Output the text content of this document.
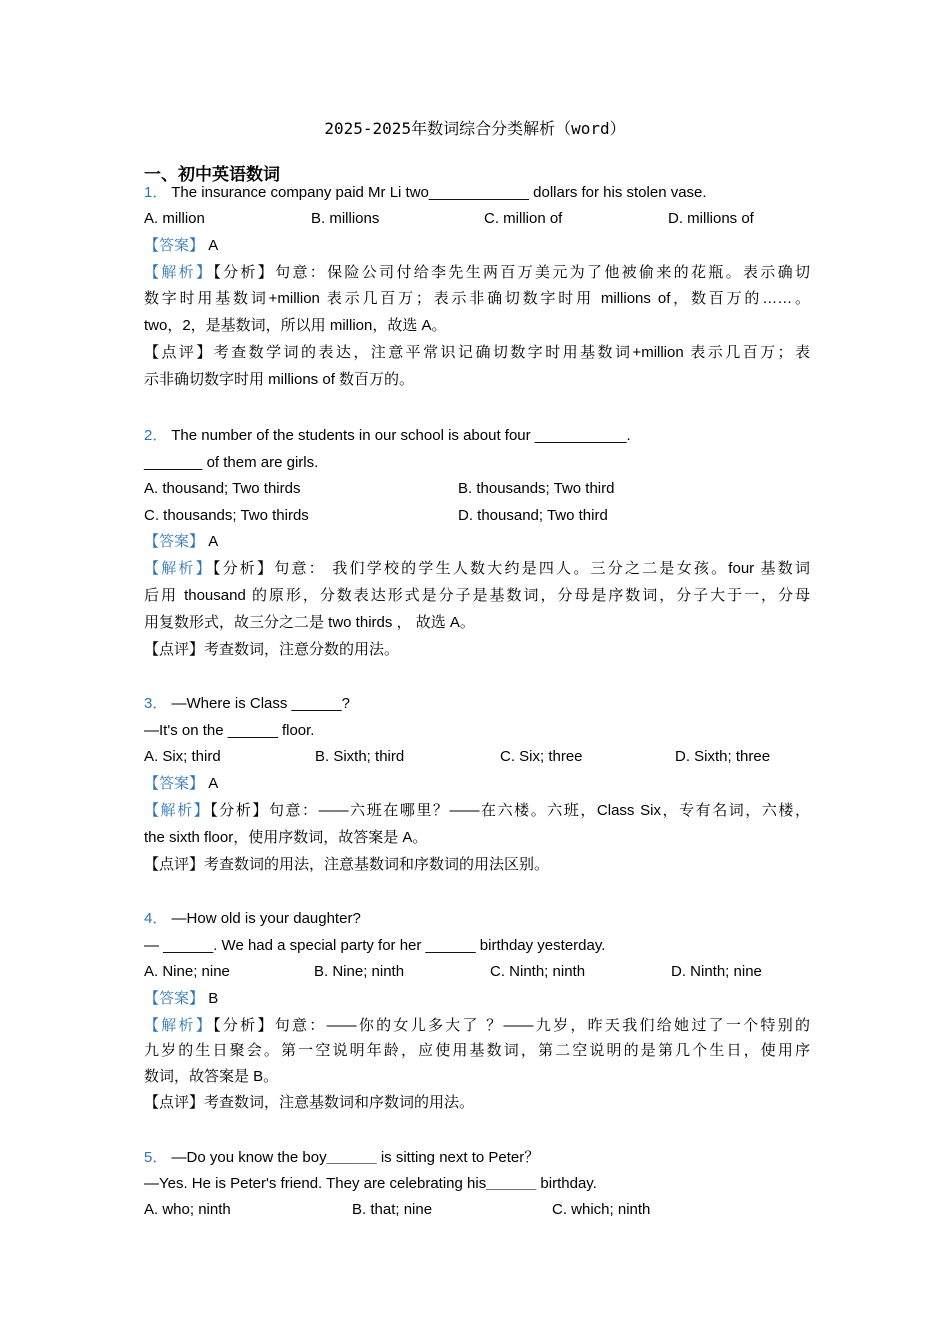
2025-2025年数词综合分类解析（word）
一、初中英语数词
1． The insurance company paid Mr Li two____________ dollars for his stolen vase.
A. million	B. millions	C. million of	D. millions of
【答案】 A
【解析】【分析】句意：保险公司付给李先生两百万美元为了他被偷来的花瓶。表示确切
数字时用基数词+million 表示几百万；表示非确切数字时用 millions of，数百万的……。
two，2，是基数词，所以用 million，故选 A。
【点评】考查数学词的表达，注意平常识记确切数字时用基数词+million 表示几百万；表
示非确切数字时用 millions of 数百万的。
2． The number of the students in our school is about four ___________.
_______ of them are girls.
A. thousand; Two thirds	B. thousands; Two third
C. thousands; Two thirds	D. thousand; Two third
【答案】 A
【解析】【分析】句意： 我们学校的学生人数大约是四人。三分之二是女孩。four 基数词
后用 thousand 的原形，分数表达形式是分子是基数词，分母是序数词，分子大于一，分母
用复数形式，故三分之二是 two thirds ， 故选 A。
【点评】考查数词，注意分数的用法。
3． —Where is Class ______?
—It's on the ______ floor.
A. Six; third	B. Sixth; third	C. Six; three	D. Sixth; three
【答案】 A
【解析】【分析】句意：——六班在哪里？——在六楼。六班，Class Six，专有名词，六楼，
the sixth floor，使用序数词，故答案是 A。
【点评】考查数词的用法，注意基数词和序数词的用法区别。
4． —How old is your daughter?
— ______. We had a special party for her ______ birthday yesterday.
A. Nine; nine	B. Nine; ninth	C. Ninth; ninth	D. Ninth; nine
【答案】 B
【解析】【分析】句意：——你的女儿多大了 ？——九岁，昨天我们给她过了一个特别的
九岁的生日聚会。第一空说明年龄，应使用基数词，第二空说明的是第几个生日，使用序
数词，故答案是 B。
【点评】考查数词，注意基数词和序数词的用法。
5． —Do you know the boy______ is sitting next to Peter？
—Yes. He is Peter's friend. They are celebrating his______ birthday.
A. who; ninth	B. that; nine	C. which; ninth
